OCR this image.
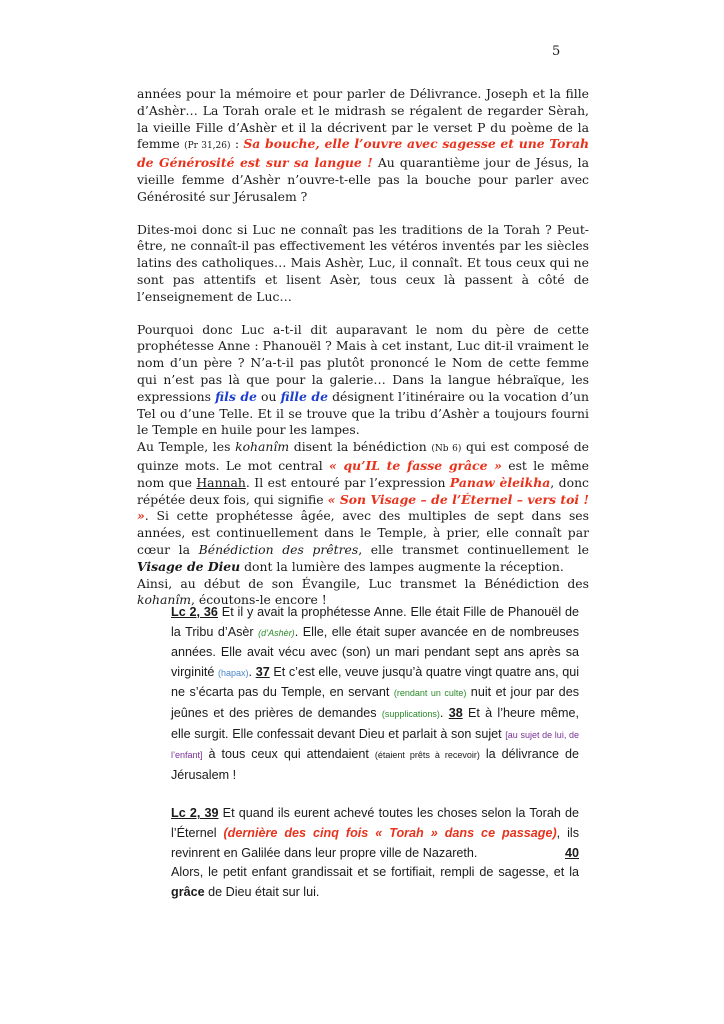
5

années pour la mémoire et pour parler de Délivrance. Joseph et la fille d’Ashèr… La Torah orale et le midrash se régalent de regarder Sèrah, la vieille Fille d’Ashèr et il la décrivent par le verset P du poème de la femme (Pr 31,26) : Sa bouche, elle l’ouvre avec sagesse et une Torah de Générosité est sur sa langue ! Au quarantième jour de Jésus, la vieille femme d’Ashèr n’ouvre-t-elle pas la bouche pour parler avec Générosité sur Jérusalem ?

Dites-moi donc si Luc ne connaît pas les traditions de la Torah ? Peut-être, ne connaît-il pas effectivement les vétéros inventés par les siècles latins des catholiques… Mais Ashèr, Luc, il connaît. Et tous ceux qui ne sont pas attentifs et lisent Asèr, tous ceux là passent à côté de l’enseignement de Luc…

Pourquoi donc Luc a-t-il dit auparavant le nom du père de cette prophétesse Anne : Phanouël ? Mais à cet instant, Luc dit-il vraiment le nom d’un père ? N’a-t-il pas plutôt prononcé le Nom de cette femme qui n’est pas là que pour la galerie… Dans la langue hébraïque, les expressions fils de ou fille de désignent l’itinéraire ou la vocation d’un Tel ou d’une Telle. Et il se trouve que la tribu d’Ashèr a toujours fourni le Temple en huile pour les lampes.

Au Temple, les kohanîm disent la bénédiction (Nb 6) qui est composé de quinze mots. Le mot central « qu’IL te fasse grâce » est le même nom que Hannah. Il est entouré par l’expression Panaw èleikha, donc répétée deux fois, qui signifie « Son Visage – de l’Éternel – vers toi ! ». Si cette prophétesse âgée, avec des multiples de sept dans ses années, est continuellement dans le Temple, à prier, elle connaît par cœur la Bénédiction des prêtres, elle transmet continuellement le Visage de Dieu dont la lumière des lampes augmente la réception.

Ainsi, au début de son Évangile, Luc transmet la Bénédiction des kohanîm, écoutons-le encore !

Lc 2, 36 Et il y avait la prophétesse Anne. Elle était Fille de Phanouël de la Tribu d’Asèr (d’Ashèr). Elle, elle était super avancée en de nombreuses années. Elle avait vécu avec (son) un mari pendant sept ans après sa virginité (hapax). 37 Et c’est elle, veuve jusqu’à quatre vingt quatre ans, qui ne s’écarta pas du Temple, en servant (rendant un culte) nuit et jour par des jeûnes et des prières de demandes (supplications). 38 Et à l’heure même, elle surgit. Elle confessait devant Dieu et parlait à son sujet [au sujet de lui, de l’enfant] à tous ceux qui attendaient (étaient prêts à recevoir) la délivrance de Jérusalem !

Lc 2, 39 Et quand ils eurent achevé toutes les choses selon la Torah de l’Éternel (dernière des cinq fois « Torah » dans ce passage), ils revinrent en Galilée dans leur propre ville de Nazareth.	40 Alors, le petit enfant grandissait et se fortifiait, rempli de sagesse, et la grâce de Dieu était sur lui.
